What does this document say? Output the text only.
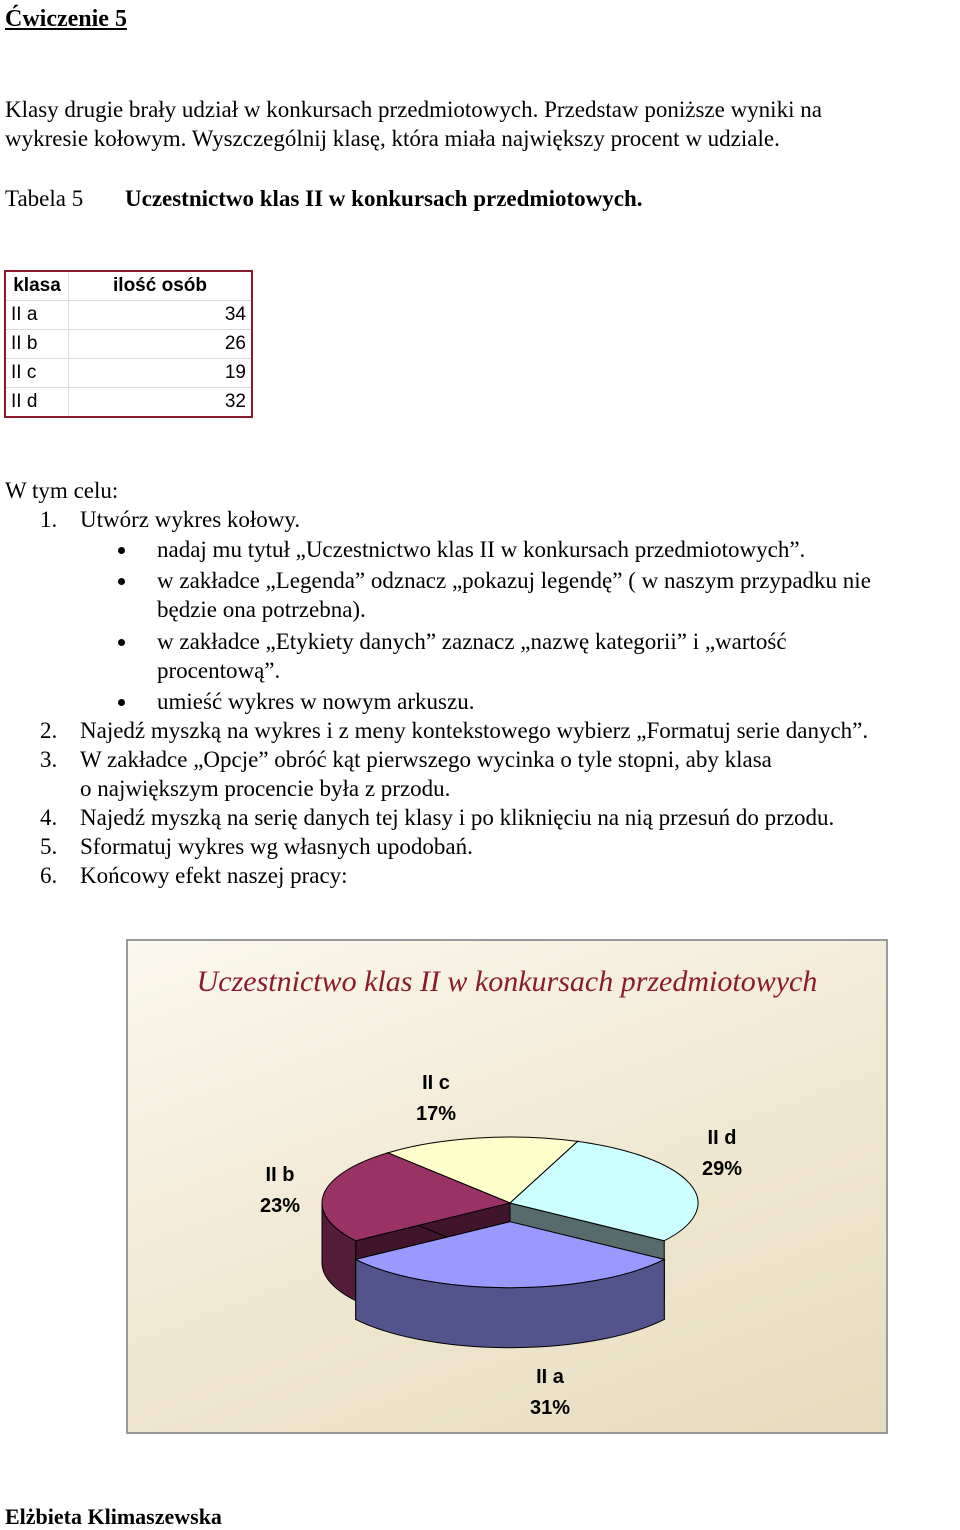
Ćwiczenie 5
Klasy drugie brały udział w konkursach przedmiotowych. Przedstaw poniższe wyniki na
wykresie kołowym. Wyszczególnij klasę, która miała największy procent w udziale.
Tabela 5 Uczestnictwo klas II w konkursach przedmiotowych.
klasa	ilość osób
II a	34
II b	26
II c	19
II d	32
W tym celu:
1. Utwórz wykres kołowy.
nadaj mu tytuł „Uczestnictwo klas II w konkursach przedmiotowych”.
w zakładce „Legenda” odznacz „pokazuj legendę” ( w naszym przypadku nie
będzie ona potrzebna).
w zakładce „Etykiety danych” zaznacz „nazwę kategorii” i „wartość
procentową”.
umieść wykres w nowym arkuszu.
2. Najedź myszką na wykres i z meny kontekstowego wybierz „Formatuj serie danych”.
3. W zakładce „Opcje” obróć kąt pierwszego wycinka o tyle stopni, aby klasa
o największym procencie była z przodu.
4. Najedź myszką na serię danych tej klasy i po kliknięciu na nią przesuń do przodu.
5. Sformatuj wykres wg własnych upodobań.
6. Końcowy efekt naszej pracy:
Uczestnictwo klas II w konkursach przedmiotowych
II a
31%
II b
23%
II c
17%
II d
29%
Elżbieta Klimaszewska
